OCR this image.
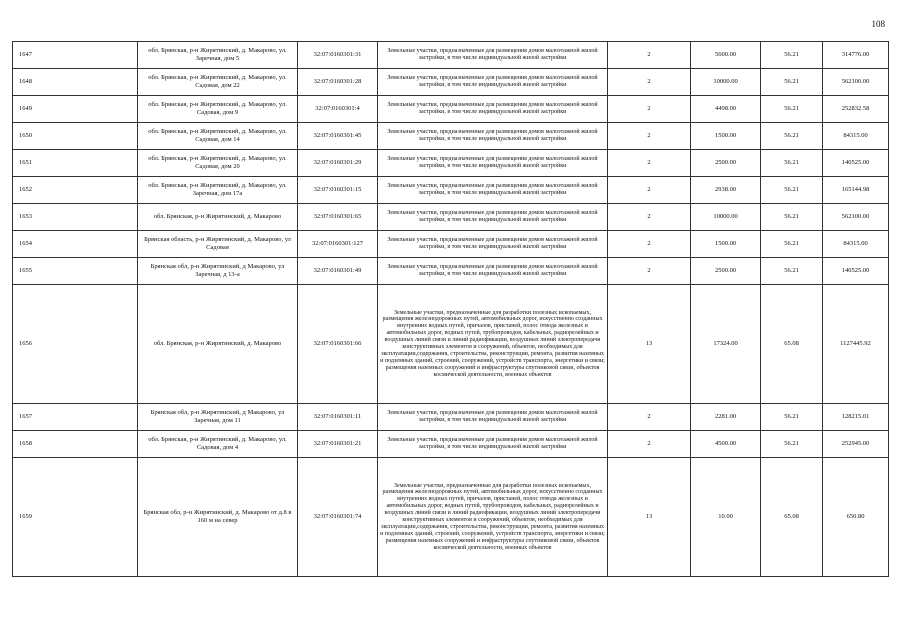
108
1647	обл. Брянская, р-н Жирятинский, д. Макарово, ул. Заречная, дом 5	32:07:0160301:31	Земельные участки, предназначенные для размещения домов малоэтажной жилой застройки, в том числе индивидуальной жилой застройки	2	5600.00	56.21	314776.00
1648	обл. Брянская, р-н Жирятинский, д. Макарово, ул. Садовая, дом 22	32:07:0160301:28	Земельные участки, предназначенные для размещения домов малоэтажной жилой застройки, в том числе индивидуальной жилой застройки	2	10000.00	56.21	562100.00
1649	обл. Брянская, р-н Жирятинский, д. Макарово, ул. Садовая, дом 9	32:07:0160301:4	Земельные участки, предназначенные для размещения домов малоэтажной жилой застройки, в том числе индивидуальной жилой застройки	2	4498.00	56.21	252832.58
1650	обл. Брянская, р-н Жирятинский, д. Макарово, ул. Садовая, дом 14	32:07:0160301:45	Земельные участки, предназначенные для размещения домов малоэтажной жилой застройки, в том числе индивидуальной жилой застройки	2	1500.00	56.21	84315.00
1651	обл. Брянская, р-н Жирятинский, д. Макарово, ул. Садовая, дом 20	32:07:0160301:29	Земельные участки, предназначенные для размещения домов малоэтажной жилой застройки, в том числе индивидуальной жилой застройки	2	2500.00	56.21	140525.00
1652	обл. Брянская, р-н Жирятинский, д. Макарово, ул. Заречная, дом 17а	32:07:0160301:15	Земельные участки, предназначенные для размещения домов малоэтажной жилой застройки, в том числе индивидуальной жилой застройки	2	2938.00	56.21	165144.98
1653	обл. Брянская, р-н Жирятинский, д. Макарово	32:07:0160301:65	Земельные участки, предназначенные для размещения домов малоэтажной жилой застройки, в том числе индивидуальной жилой застройки	2	10000.00	56.21	562100.00
1654	Брянская область, р-н Жирятинский, д. Макарово, ул Садовая	32:07:0160301:127	Земельные участки, предназначенные для размещения домов малоэтажной жилой застройки, в том числе индивидуальной жилой застройки	2	1500.00	56.21	84315.00
1655	Брянская обл, р-н Жирятинский, д Макарово, ул Заречная, д 13-а	32:07:0160301:49	Земельные участки, предназначенные для размещения домов малоэтажной жилой застройки, в том числе индивидуальной жилой застройки	2	2500.00	56.21	140525.00
1656	обл. Брянская, р-н Жирятинский, д. Макарово	32:07:0160301:66	Земельные участки, предназначенные для разработки полезных ископаемых, размещения железнодорожных путей, автомобильных дорог, искусственно созданных внутренних водных путей, причалов, пристаней, полос отвода железных и автомобильных дорог, водных путей, трубопроводов, кабельных, радиорелейных и воздушных линий связи и линий радиофикации, воздушных линий электропередачи конструктивных элементов и сооружений, объектов, необходимых для эксплуатации,содержания, строительства, реконструкции, ремонта, развития наземных и подземных зданий, строений, сооружений, устройств транспорта, энергетики и связи; размещения наземных сооружений и инфраструктуры спутниковой связи, объектов космической деятельности, военных объектов	13	17324.00	65.08	1127445.92
1657	Брянская обл, р-н Жирятинский, д Макарово, ул Заречная, дом 11	32:07:0160301:11	Земельные участки, предназначенные для размещения домов малоэтажной жилой застройки, в том числе индивидуальной жилой застройки	2	2281.00	56.21	128215.01
1658	обл. Брянская, р-н Жирятинский, д. Макарово, ул. Садовая, дом 4	32:07:0160301:21	Земельные участки, предназначенные для размещения домов малоэтажной жилой застройки, в том числе индивидуальной жилой застройки	2	4500.00	56.21	252945.00
1659	Брянская обл, р-н Жирятинский, д. Макарово от д.8 в 160 м на север	32:07:0160301:74	Земельные участки, предназначенные для разработки полезных ископаемых, размещения железнодорожных путей, автомобильных дорог, искусственно созданных внутренних водных путей, причалов, пристаней, полос отвода железных и автомобильных дорог, водных путей, трубопроводов, кабельных, радиорелейных и воздушных линий связи и линий радиофикации, воздушных линий электропередачи конструктивных элементов и сооружений, объектов, необходимых для эксплуатации,содержания, строительства, реконструкции, ремонта, развития наземных и подземных зданий, строений, сооружений, устройств транспорта, энергетики и связи; размещения наземных сооружений и инфраструктуры спутниковой связи, объектов космической деятельности, военных объектов	13	10.00	65.08	650.80
